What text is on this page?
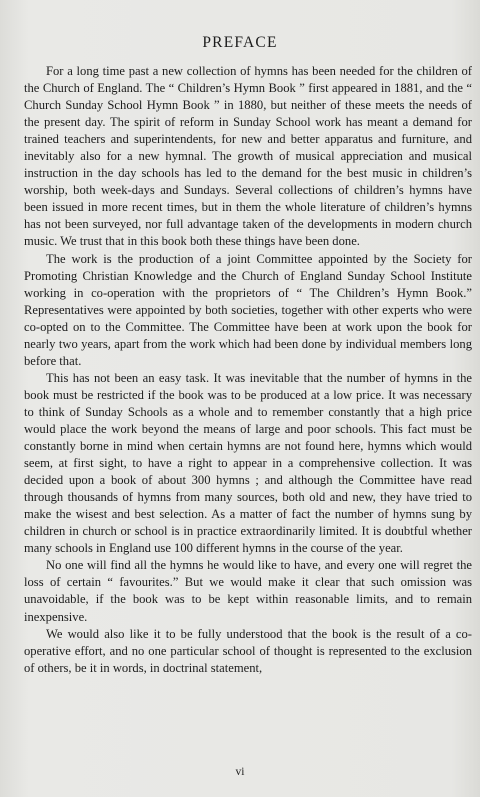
PREFACE

For a long time past a new collection of hymns has been needed for the children of the Church of England. The “ Children’s Hymn Book ” first appeared in 1881, and the “ Church Sunday School Hymn Book ” in 1880, but neither of these meets the needs of the present day. The spirit of reform in Sunday School work has meant a demand for trained teachers and superintendents, for new and better apparatus and furniture, and inevitably also for a new hymnal. The growth of musical appreciation and musical instruction in the day schools has led to the demand for the best music in children’s worship, both week-days and Sundays. Several collections of children’s hymns have been issued in more recent times, but in them the whole literature of children’s hymns has not been surveyed, nor full advantage taken of the developments in modern church music. We trust that in this book both these things have been done.

The work is the production of a joint Committee appointed by the Society for Promoting Christian Knowledge and the Church of England Sunday School Institute working in co-operation with the proprietors of “ The Children’s Hymn Book.” Representatives were appointed by both societies, together with other experts who were co-opted on to the Committee. The Committee have been at work upon the book for nearly two years, apart from the work which had been done by individual members long before that.

This has not been an easy task. It was inevitable that the number of hymns in the book must be restricted if the book was to be produced at a low price. It was necessary to think of Sunday Schools as a whole and to remember constantly that a high price would place the work beyond the means of large and poor schools. This fact must be constantly borne in mind when certain hymns are not found here, hymns which would seem, at first sight, to have a right to appear in a comprehensive collection. It was decided upon a book of about 300 hymns ; and although the Committee have read through thousands of hymns from many sources, both old and new, they have tried to make the wisest and best selection. As a matter of fact the number of hymns sung by children in church or school is in practice extraordinarily limited. It is doubtful whether many schools in England use 100 different hymns in the course of the year.

No one will find all the hymns he would like to have, and every one will regret the loss of certain “ favourites.” But we would make it clear that such omission was unavoidable, if the book was to be kept within reasonable limits, and to remain inexpensive.

We would also like it to be fully understood that the book is the result of a co-operative effort, and no one particular school of thought is represented to the exclusion of others, be it in words, in doctrinal statement,

vi
